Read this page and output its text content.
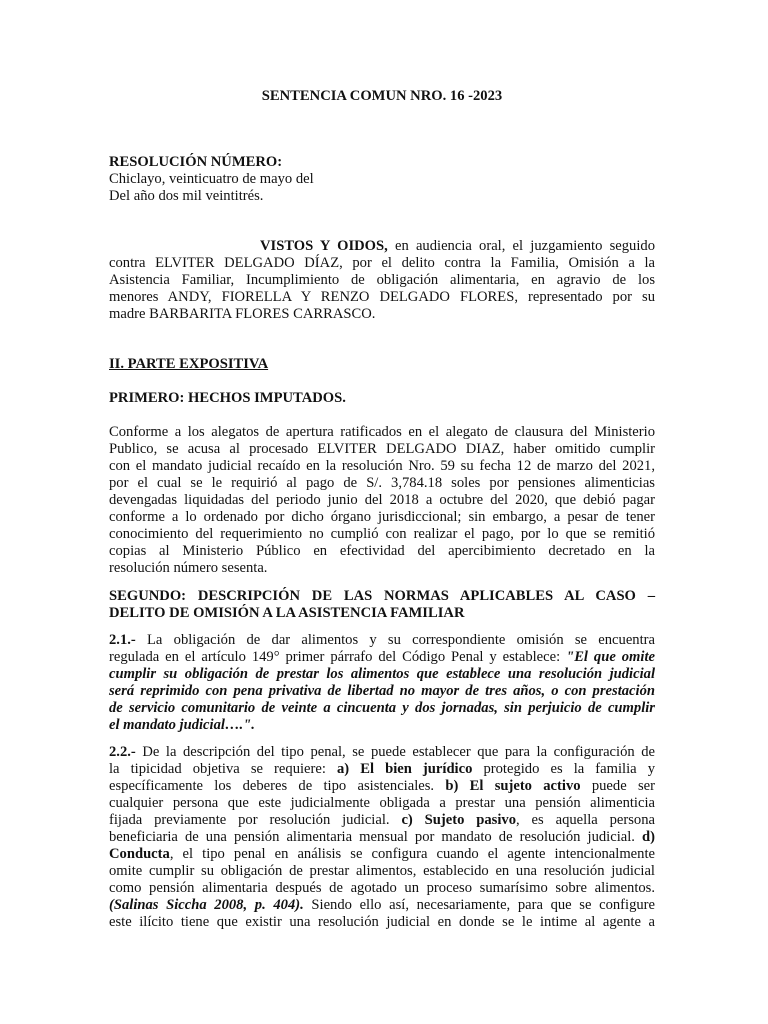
SENTENCIA COMUN NRO. 16 -2023
RESOLUCIÓN NÚMERO:
Chiclayo, veinticuatro de mayo del
Del año dos mil veintitrés.
VISTOS Y OIDOS, en audiencia oral, el juzgamiento seguido
contra ELVITER DELGADO DÍAZ, por el delito contra la Familia, Omisión a la
Asistencia Familiar, Incumplimiento de obligación alimentaria, en agravio de los
menores ANDY, FIORELLA Y RENZO DELGADO FLORES, representado por su
madre BARBARITA FLORES CARRASCO.
II. PARTE EXPOSITIVA
PRIMERO: HECHOS IMPUTADOS.
Conforme a los alegatos de apertura ratificados en el alegato de clausura del Ministerio
Publico, se acusa al procesado ELVITER DELGADO DIAZ, haber omitido cumplir
con el mandato judicial recaído en la resolución Nro. 59 su fecha 12 de marzo del 2021,
por el cual se le requirió al pago de S/. 3,784.18 soles por pensiones alimenticias
devengadas liquidadas del periodo junio del 2018 a octubre del 2020, que debió pagar
conforme a lo ordenado por dicho órgano jurisdiccional; sin embargo, a pesar de tener
conocimiento del requerimiento no cumplió con realizar el pago, por lo que se remitió
copias al Ministerio Público en efectividad del apercibimiento decretado en la
resolución número sesenta.
SEGUNDO: DESCRIPCIÓN DE LAS NORMAS APLICABLES AL CASO –
DELITO DE OMISIÓN A LA ASISTENCIA FAMILIAR
2.1.- La obligación de dar alimentos y su correspondiente omisión se encuentra
regulada en el artículo 149° primer párrafo del Código Penal y establece: "El que omite
cumplir su obligación de prestar los alimentos que establece una resolución judicial
será reprimido con pena privativa de libertad no mayor de tres años, o con prestación
de servicio comunitario de veinte a cincuenta y dos jornadas, sin perjuicio de cumplir
el mandato judicial….".
2.2.- De la descripción del tipo penal, se puede establecer que para la configuración de
la tipicidad objetiva se requiere: a) El bien jurídico protegido es la familia y
específicamente los deberes de tipo asistenciales. b) El sujeto activo puede ser
cualquier persona que este judicialmente obligada a prestar una pensión alimenticia
fijada previamente por resolución judicial. c) Sujeto pasivo, es aquella persona
beneficiaria de una pensión alimentaria mensual por mandato de resolución judicial. d)
Conducta, el tipo penal en análisis se configura cuando el agente intencionalmente
omite cumplir su obligación de prestar alimentos, establecido en una resolución judicial
como pensión alimentaria después de agotado un proceso sumarísimo sobre alimentos.
(Salinas Siccha 2008, p. 404). Siendo ello así, necesariamente, para que se configure
este ilícito tiene que existir una resolución judicial en donde se le intime al agente a
